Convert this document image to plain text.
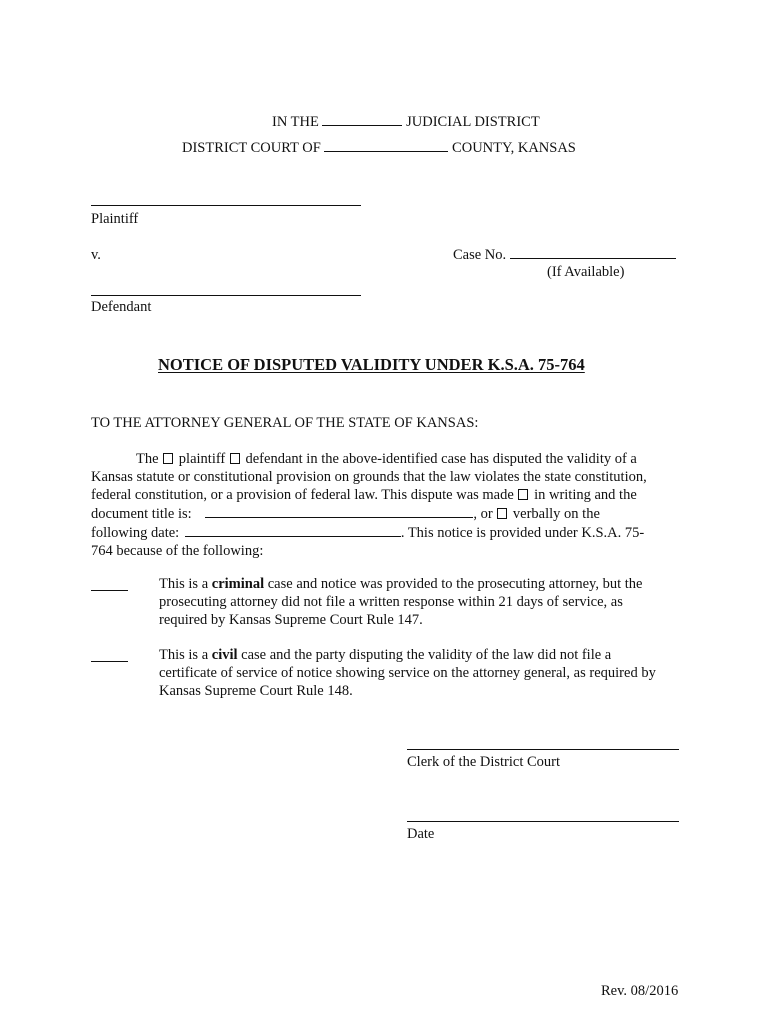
IN THE	JUDICIAL DISTRICT
DISTRICT COURT OF	COUNTY, KANSAS
Plaintiff
v.	Case No.
(If Available)
Defendant
NOTICE OF DISPUTED VALIDITY UNDER K.S.A. 75-764
TO THE ATTORNEY GENERAL OF THE STATE OF KANSAS:
The plaintiff defendant in the above-identified case has disputed the validity of a
Kansas statute or constitutional provision on grounds that the law violates the state constitution,
federal constitution, or a provision of federal law. This dispute was made in writing and the
document title is:	, or verbally on the
following date:	. This notice is provided under K.S.A. 75-
764 because of the following:
This is a criminal case and notice was provided to the prosecuting attorney, but the
prosecuting attorney did not file a written response within 21 days of service, as
required by Kansas Supreme Court Rule 147.
This is a civil case and the party disputing the validity of the law did not file a
certificate of service of notice showing service on the attorney general, as required by
Kansas Supreme Court Rule 148.
Clerk of the District Court
Date
Rev. 08/2016
